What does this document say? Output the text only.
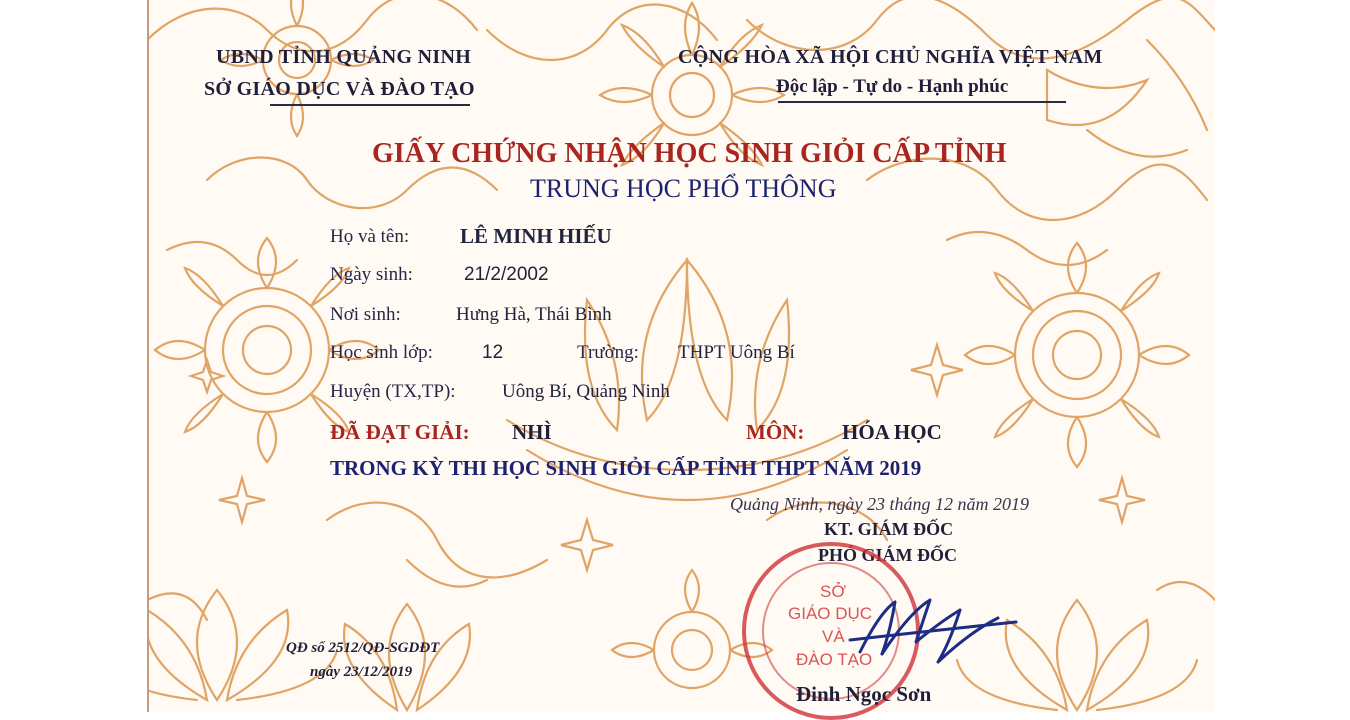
UBND TỈNH QUẢNG NINH
SỞ GIÁO DỤC VÀ ĐÀO TẠO
CỘNG HÒA XÃ HỘI CHỦ NGHĨA VIỆT NAM
Độc lập - Tự do - Hạnh phúc
GIẤY CHỨNG NHẬN HỌC SINH GIỎI CẤP TỈNH
TRUNG HỌC PHỔ THÔNG
Họ và tên: LÊ MINH HIẾU
Ngày sinh:	21/2/2002
Nơi sinh:	Hưng Hà, Thái Bình
Học sinh lớp:	12	Trường: THPT Uông Bí
Huyện (TX,TP): Uông Bí, Quảng Ninh
ĐÃ ĐẠT GIẢI: NHÌ	MÔN: HÓA HỌC
TRONG KỲ THI HỌC SINH GIỎI CẤP TỈNH THPT NĂM 2019
Quảng Ninh, ngày 23 tháng 12 năm 2019
KT. GIÁM ĐỐC
PHÓ GIÁM ĐỐC
SỞ
GIÁO DỤC
VÀ
ĐÀO TẠO
Đinh Ngọc Sơn
QĐ số 2512/QĐ-SGDĐT
ngày 23/12/2019
